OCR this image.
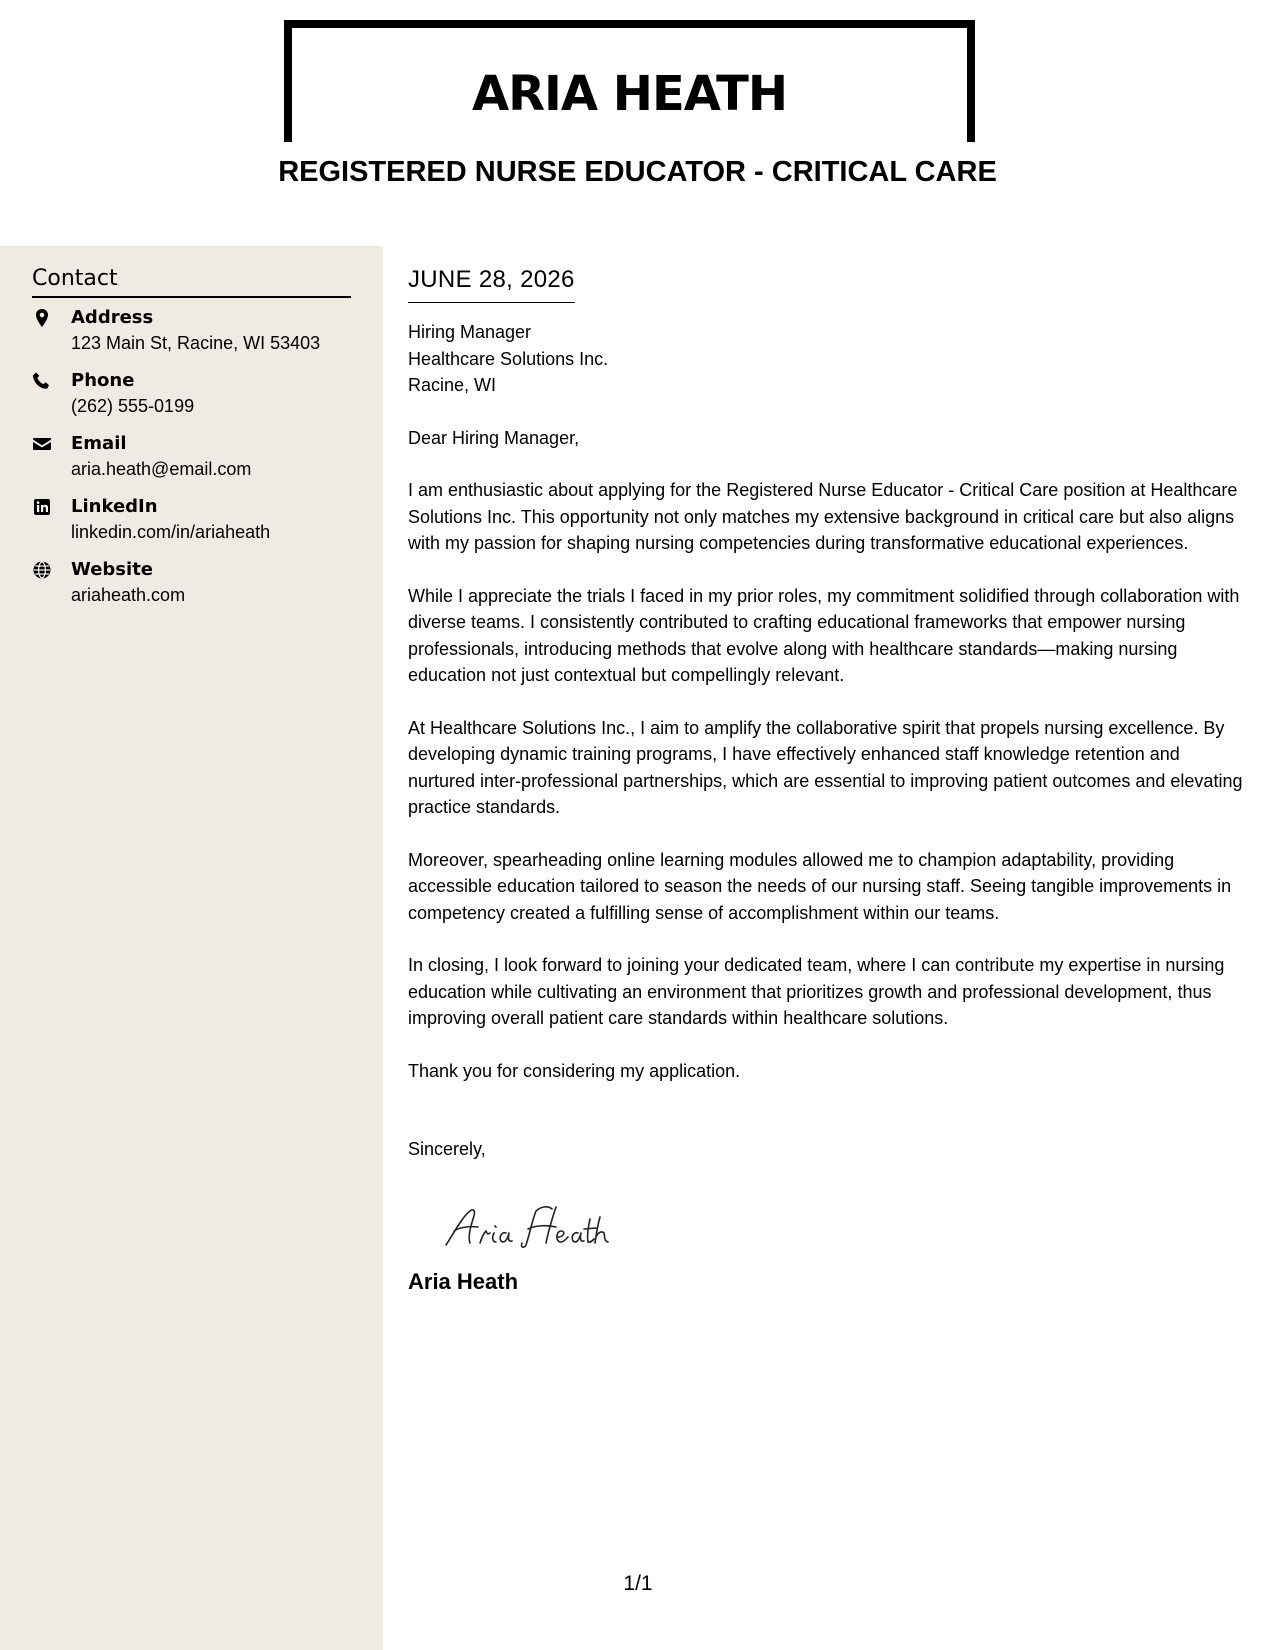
ARIA HEATH
REGISTERED NURSE EDUCATOR - CRITICAL CARE
Contact
Address
123 Main St, Racine, WI 53403
Phone
(262) 555-0199
Email
aria.heath@email.com
LinkedIn
linkedin.com/in/ariaheath
Website
ariaheath.com
JUNE 28, 2026
Hiring Manager
Healthcare Solutions Inc.
Racine, WI
Dear Hiring Manager,
I am enthusiastic about applying for the Registered Nurse Educator - Critical Care position at Healthcare Solutions Inc. This opportunity not only matches my extensive background in critical care but also aligns with my passion for shaping nursing competencies during transformative educational experiences.
While I appreciate the trials I faced in my prior roles, my commitment solidified through collaboration with diverse teams. I consistently contributed to crafting educational frameworks that empower nursing professionals, introducing methods that evolve along with healthcare standards—making nursing education not just contextual but compellingly relevant.
At Healthcare Solutions Inc., I aim to amplify the collaborative spirit that propels nursing excellence. By developing dynamic training programs, I have effectively enhanced staff knowledge retention and nurtured inter-professional partnerships, which are essential to improving patient outcomes and elevating practice standards.
Moreover, spearheading online learning modules allowed me to champion adaptability, providing accessible education tailored to season the needs of our nursing staff. Seeing tangible improvements in competency created a fulfilling sense of accomplishment within our teams.
In closing, I look forward to joining your dedicated team, where I can contribute my expertise in nursing education while cultivating an environment that prioritizes growth and professional development, thus improving overall patient care standards within healthcare solutions.
Thank you for considering my application.
Sincerely,
Aria Heath
1/1
